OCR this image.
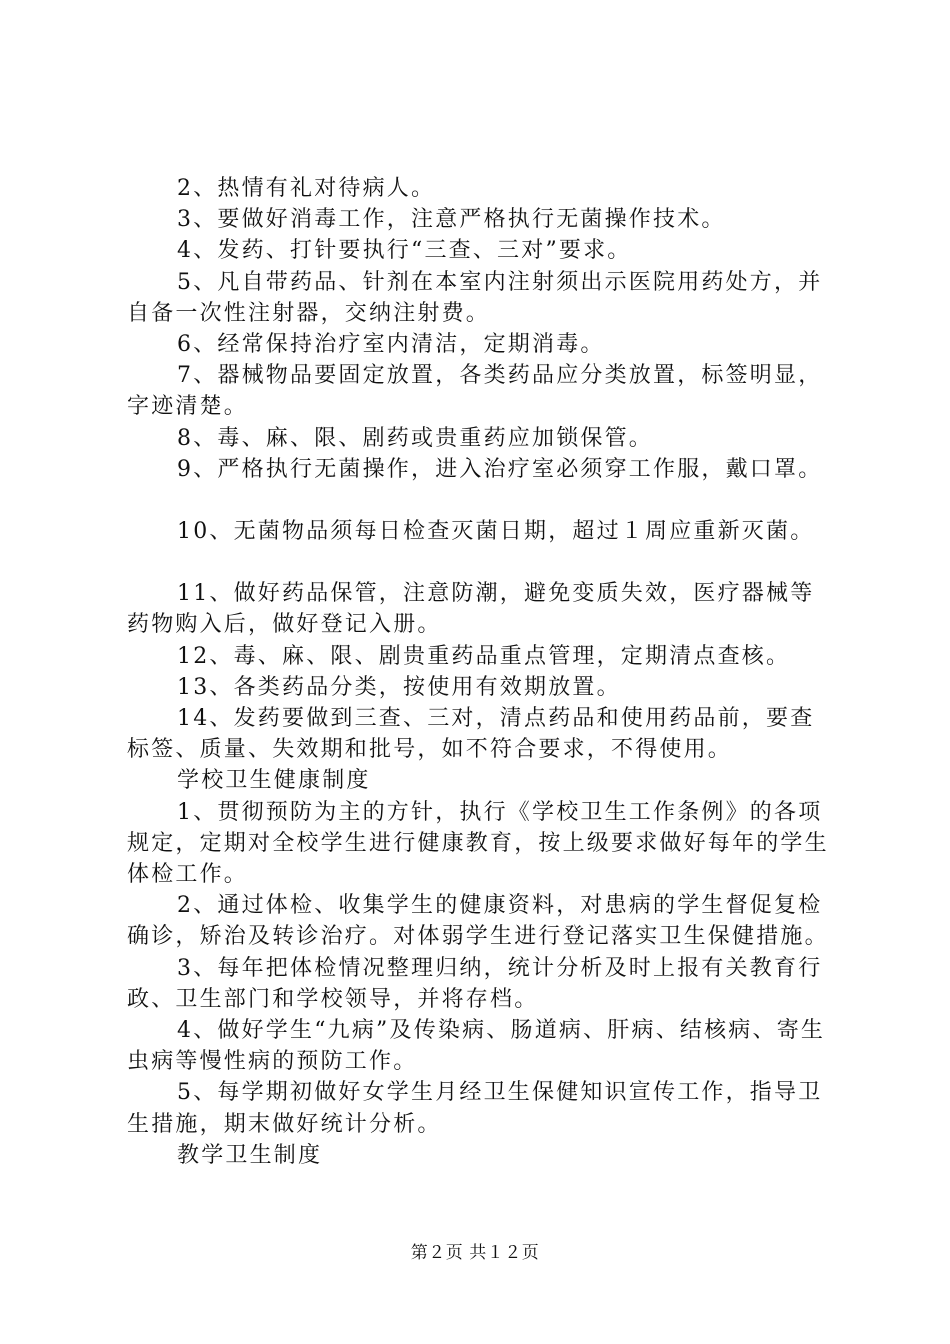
2、热情有礼对待病人。

3、要做好消毒工作，注意严格执行无菌操作技术。

4、发药、打针要执行“三查、三对”要求。

5、凡自带药品、针剂在本室内注射须出示医院用药处方，并自备一次性注射器，交纳注射费。

6、经常保持治疗室内清洁，定期消毒。

7、器械物品要固定放置，各类药品应分类放置，标签明显，字迹清楚。

8、毒、麻、限、剧药或贵重药应加锁保管。

9、严格执行无菌操作，进入治疗室必须穿工作服，戴口罩。

10、无菌物品须每日检查灭菌日期，超过１周应重新灭菌。

11、做好药品保管，注意防潮，避免变质失效，医疗器械等药物购入后，做好登记入册。

12、毒、麻、限、剧贵重药品重点管理，定期清点查核。

13、各类药品分类，按使用有效期放置。

14、发药要做到三查、三对，清点药品和使用药品前，要查标签、质量、失效期和批号，如不符合要求，不得使用。

学校卫生健康制度

1、贯彻预防为主的方针，执行《学校卫生工作条例》的各项规定，定期对全校学生进行健康教育，按上级要求做好每年的学生体检工作。

2、通过体检、收集学生的健康资料，对患病的学生督促复检确诊，矫治及转诊治疗。对体弱学生进行登记落实卫生保健措施。

3、每年把体检情况整理归纳，统计分析及时上报有关教育行政、卫生部门和学校领导，并将存档。

4、做好学生“九病”及传染病、肠道病、肝病、结核病、寄生虫病等慢性病的预防工作。

5、每学期初做好女学生月经卫生保健知识宣传工作，指导卫生措施，期末做好统计分析。

教学卫生制度

第２页 共１２页
